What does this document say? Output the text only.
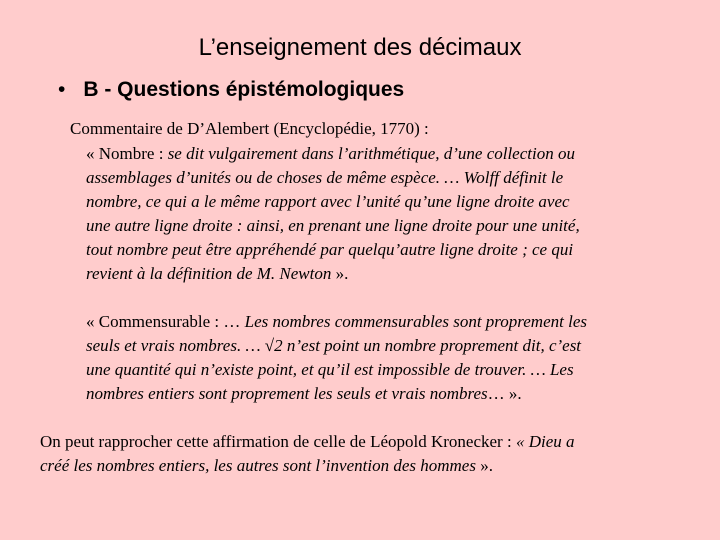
L’enseignement des décimaux
• B - Questions épistémologiques
Commentaire de D’Alembert (Encyclopédie, 1770) :
« Nombre : se dit vulgairement dans l’arithmétique, d’une collection ou
assemblages d’unités ou de choses de même espèce. … Wolff définit le
nombre, ce qui a le même rapport avec l’unité qu’une ligne droite avec
une autre ligne droite : ainsi, en prenant une ligne droite pour une unité,
tout nombre peut être appréhendé par quelqu’autre ligne droite ; ce qui
revient à la définition de M. Newton ».
« Commensurable : … Les nombres commensurables sont proprement les
seuls et vrais nombres. … √2 n’est point un nombre proprement dit, c’est
une quantité qui n’existe point, et qu’il est impossible de trouver. … Les
nombres entiers sont proprement les seuls et vrais nombres… ».
On peut rapprocher cette affirmation de celle de Léopold Kronecker : « Dieu a
créé les nombres entiers, les autres sont l’invention des hommes ».
